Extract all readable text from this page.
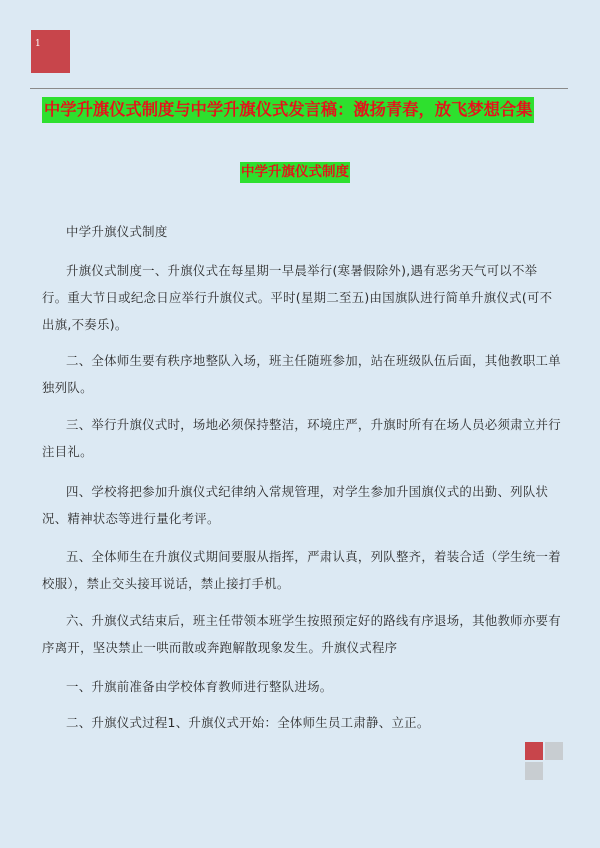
1
中学升旗仪式制度与中学升旗仪式发言稿：激扬青春，放飞梦想合集
中学升旗仪式制度
中学升旗仪式制度
升旗仪式制度一、升旗仪式在每星期一早晨举行(寒暑假除外),遇有恶劣天气可以不举行。重大节日或纪念日应举行升旗仪式。平时(星期二至五)由国旗队进行简单升旗仪式(可不出旗,不奏乐)。
二、全体师生要有秩序地整队入场，班主任随班参加，站在班级队伍后面，其他教职工单独列队。
三、举行升旗仪式时，场地必须保持整洁，环境庄严，升旗时所有在场人员必须肃立并行注目礼。
四、学校将把参加升旗仪式纪律纳入常规管理，对学生参加升国旗仪式的出勤、列队状况、精神状态等进行量化考评。
五、全体师生在升旗仪式期间要服从指挥，严肃认真，列队整齐，着装合适（学生统一着校服），禁止交头接耳说话，禁止接打手机。
六、升旗仪式结束后，班主任带领本班学生按照预定好的路线有序退场，其他教师亦要有序离开，坚决禁止一哄而散或奔跑解散现象发生。升旗仪式程序
一、升旗前准备由学校体育教师进行整队进场。
二、升旗仪式过程1、升旗仪式开始：全体师生员工肃静、立正。
